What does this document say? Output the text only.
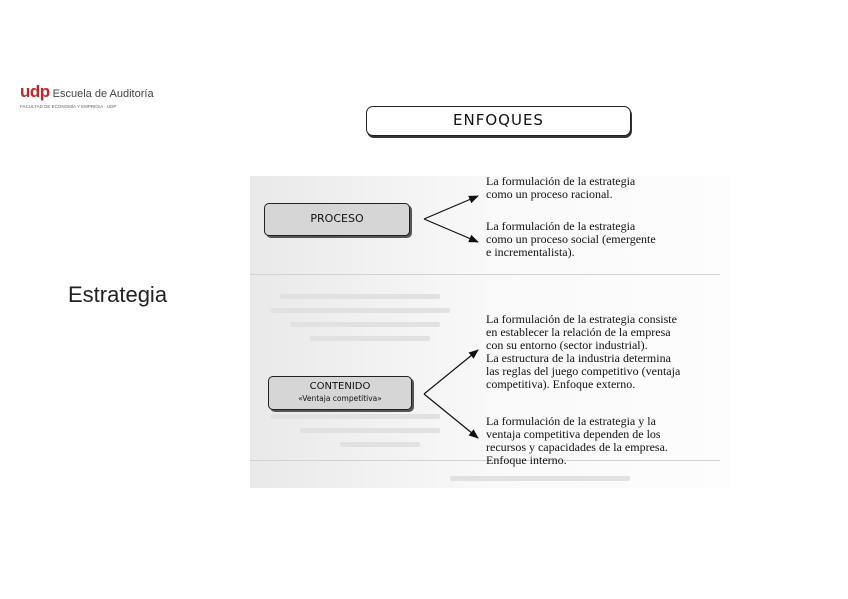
udp Escuela de Auditoría
FACULTAD DE ECONOMÍA Y EMPRESA · UDP
Estrategia
ENFOQUES
PROCESO
CONTENIDO
«Ventaja competitiva»
La formulación de la estrategia
como un proceso racional.
La formulación de la estrategia
como un proceso social (emergente
e incrementalista).
La formulación de la estrategia consiste
en establecer la relación de la empresa
con su entorno (sector industrial).
La estructura de la industria determina
las reglas del juego competitivo (ventaja
competitiva). Enfoque externo.
La formulación de la estrategia y la
ventaja competitiva dependen de los
recursos y capacidades de la empresa.
Enfoque interno.
